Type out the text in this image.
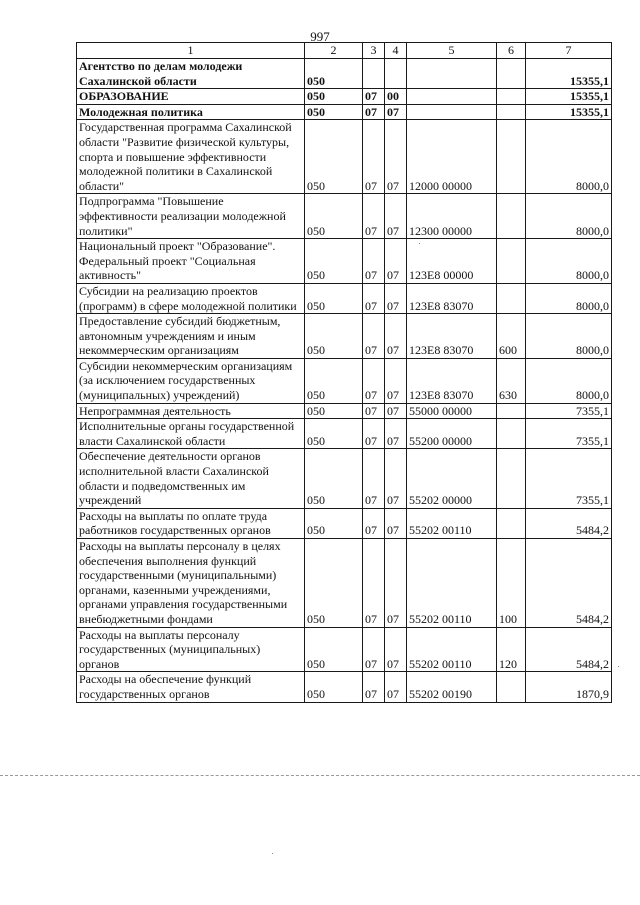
997
1	2	3	4	5	6	7
Агентство по делам молодежи Сахалинской области	050					15355,1
ОБРАЗОВАНИЕ	050	07	00			15355,1
Молодежная политика	050	07	07			15355,1
Государственная программа Сахалинской области "Развитие физической культуры, спорта и повышение эффективности молодежной политики в Сахалинской области"	050	07	07	12000 00000		8000,0
Подпрограмма "Повышение эффективности реализации молодежной политики"	050	07	07	12300 00000		8000,0
Национальный проект "Образование". Федеральный проект "Социальная активность"	050	07	07	123E8 00000		8000,0
Субсидии на реализацию проектов (программ) в сфере молодежной политики	050	07	07	123E8 83070		8000,0
Предоставление субсидий бюджетным, автономным учреждениям и иным некоммерческим организациям	050	07	07	123E8 83070	600	8000,0
Субсидии некоммерческим организациям (за исключением государственных (муниципальных) учреждений)	050	07	07	123E8 83070	630	8000,0
Непрограммная деятельность	050	07	07	55000 00000		7355,1
Исполнительные органы государственной власти Сахалинской области	050	07	07	55200 00000		7355,1
Обеспечение деятельности органов исполнительной власти Сахалинской области и подведомственных им учреждений	050	07	07	55202 00000		7355,1
Расходы на выплаты по оплате труда работников государственных органов	050	07	07	55202 00110		5484,2
Расходы на выплаты персоналу в целях обеспечения выполнения функций государственными (муниципальными) органами, казенными учреждениями, органами управления государственными внебюджетными фондами	050	07	07	55202 00110	100	5484,2
Расходы на выплаты персоналу государственных (муниципальных) органов	050	07	07	55202 00110	120	5484,2
Расходы на обеспечение функций государственных органов	050	07	07	55202 00190		1870,9
